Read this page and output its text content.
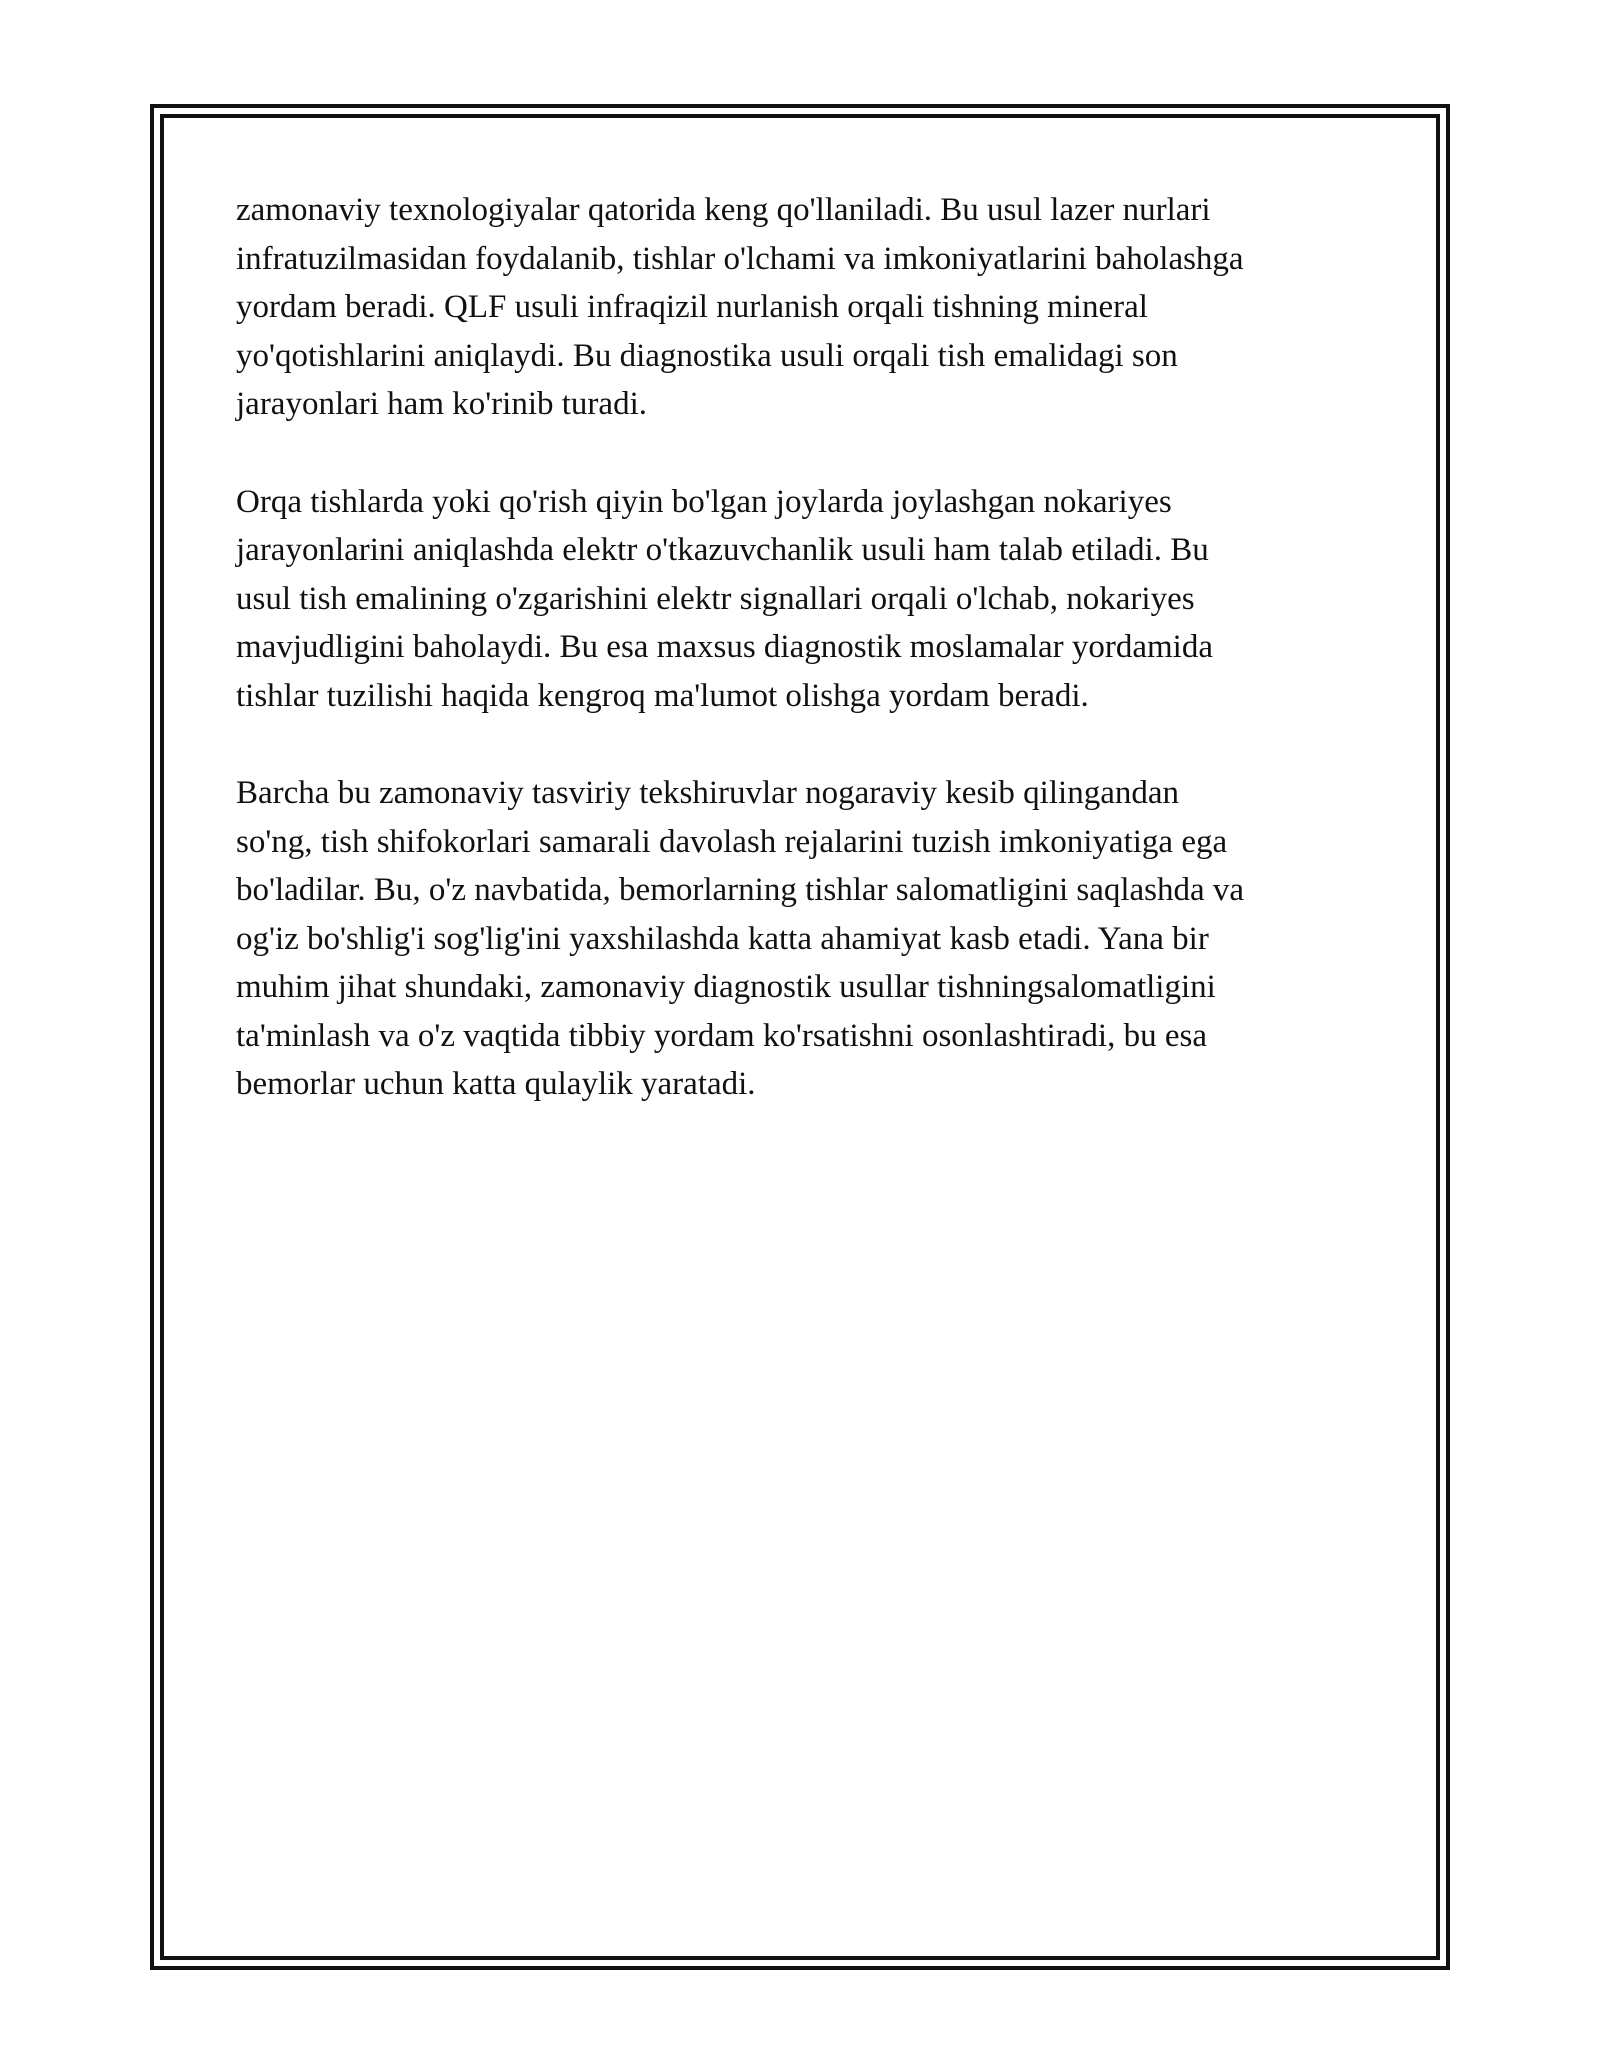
zamonaviy texnologiyalar qatorida keng qo'llaniladi. Bu usul lazer nurlari
infratuzilmasidan foydalanib, tishlar o'lchami va imkoniyatlarini baholashga
yordam beradi. QLF usuli infraqizil nurlanish orqali tishning mineral
yo'qotishlarini aniqlaydi. Bu diagnostika usuli orqali tish emalidagi son
jarayonlari ham ko'rinib turadi.

Orqa tishlarda yoki qo'rish qiyin bo'lgan joylarda joylashgan nokariyes
jarayonlarini aniqlashda elektr o'tkazuvchanlik usuli ham talab etiladi. Bu
usul tish emalining o'zgarishini elektr signallari orqali o'lchab, nokariyes
mavjudligini baholaydi. Bu esa maxsus diagnostik moslamalar yordamida
tishlar tuzilishi haqida kengroq ma'lumot olishga yordam beradi.

Barcha bu zamonaviy tasviriy tekshiruvlar nogaraviy kesib qilingandan
so'ng, tish shifokorlari samarali davolash rejalarini tuzish imkoniyatiga ega
bo'ladilar. Bu, o'z navbatida, bemorlarning tishlar salomatligini saqlashda va
og'iz bo'shlig'i sog'lig'ini yaxshilashda katta ahamiyat kasb etadi. Yana bir
muhim jihat shundaki, zamonaviy diagnostik usullar tishningsalomatligini
ta'minlash va o'z vaqtida tibbiy yordam ko'rsatishni osonlashtiradi, bu esa
bemorlar uchun katta qulaylik yaratadi.
